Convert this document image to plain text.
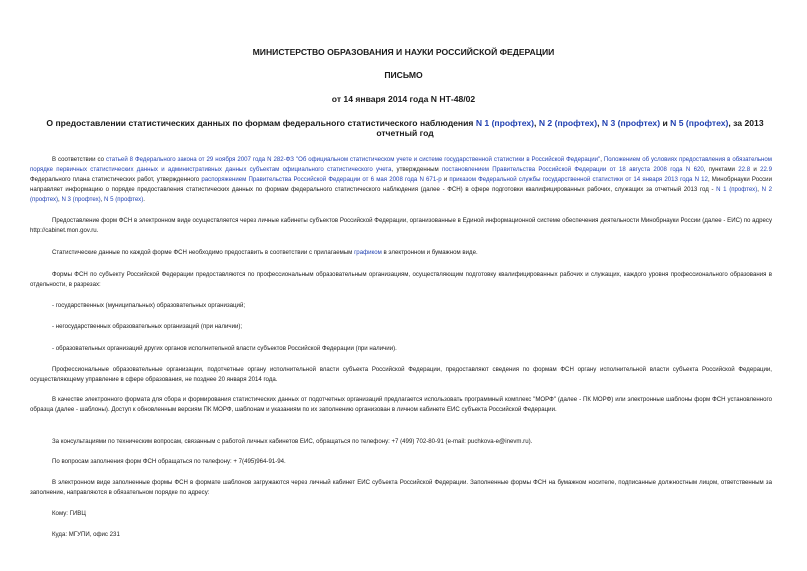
МИНИСТЕРСТВО ОБРАЗОВАНИЯ И НАУКИ РОССИЙСКОЙ ФЕДЕРАЦИИ
ПИСЬМО
от 14 января 2014 года N НТ-48/02
О предоставлении статистических данных по формам федерального статистического наблюдения N 1 (профтех), N 2 (профтех), N 3 (профтех) и N 5 (профтех), за 2013 отчетный год
В соответствии со статьей 8 Федерального закона от 29 ноября 2007 года N 282-ФЗ "Об официальном статистическом учете и системе государственной статистики в Российской Федерации", Положением об условиях предоставления в обязательном порядке первичных статистических данных и административных данных субъектам официального статистического учета, утвержденным постановлением Правительства Российской Федерации от 18 августа 2008 года N 620, пунктами 22.8 и 22.9 Федерального плана статистических работ, утвержденного распоряжением Правительства Российской Федерации от 6 мая 2008 года N 671-р и приказом Федеральной службы государственной статистики от 14 января 2013 года N 12, Минобрнауки России направляет информацию о порядке предоставления статистических данных по формам федерального статистического наблюдения (далее - ФСН) в сфере подготовки квалифицированных рабочих, служащих за отчетный 2013 год - N 1 (профтех), N 2 (профтех), N 3 (профтех), N 5 (профтех).
Предоставление форм ФСН в электронном виде осуществляется через личные кабинеты субъектов Российской Федерации, организованные в Единой информационной системе обеспечения деятельности Минобрнауки России (далее - ЕИС) по адресу http://cabinet.mon.gov.ru.
Статистические данные по каждой форме ФСН необходимо предоставить в соответствии с прилагаемым графиком в электронном и бумажном виде.
Формы ФСН по субъекту Российской Федерации предоставляются по профессиональным образовательным организациям, осуществляющим подготовку квалифицированных рабочих и служащих, каждого уровня профессионального образования в отдельности, в разрезах:
- государственных (муниципальных) образовательных организаций;
- негосударственных образовательных организаций (при наличии);
- образовательных организаций других органов исполнительной власти субъектов Российской Федерации (при наличии).
Профессиональные образовательные организации, подотчетные органу исполнительной власти субъекта Российской Федерации, предоставляют сведения по формам ФСН органу исполнительной власти субъекта Российской Федерации, осуществляющему управление в сфере образования, не позднее 20 января 2014 года.
В качестве электронного формата для сбора и формирования статистических данных от подотчетных организаций предлагается использовать программный комплекс "МОРФ" (далее - ПК МОРФ) или электронные шаблоны форм ФСН установленного образца (далее - шаблоны). Доступ к обновленным версиям ПК МОРФ, шаблонам и указаниям по их заполнению организован в личном кабинете ЕИС субъекта Российской Федерации.
За консультациями по техническим вопросам, связанным с работой личных кабинетов ЕИС, обращаться по телефону: +7 (499) 702-80-91 (e-mail: puchkova-e@inevm.ru).
По вопросам заполнения форм ФСН обращаться по телефону: + 7(495)964-91-94.
В электронном виде заполненные формы ФСН в формате шаблонов загружаются через личный кабинет ЕИС субъекта Российской Федерации. Заполненные формы ФСН на бумажном носителе, подписанные должностным лицом, ответственным за заполнение, направляются в обязательном порядке по адресу:
Кому: ГИВЦ
Куда: МГУПИ, офис 231
